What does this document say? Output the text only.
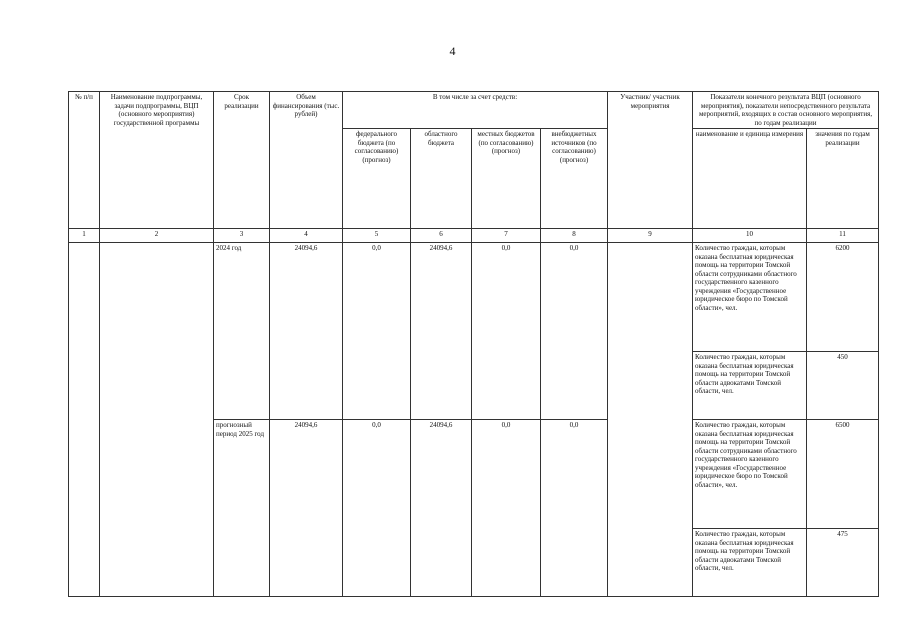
4
№ п/п	Наименование подпрограммы, задачи подпрограммы, ВЦП (основного мероприятия) государственной программы	Срок реализации	Объем финансирования (тыс. рублей)	В том числе за счет средств:				Участник/ участник мероприятия	Показатели конечного результата ВЦП (основного мероприятия), показатели непосредственного результата мероприятий, входящих в состав основного мероприятия, по годам реализации	
				федерального бюджета (по согласованию) (прогноз)	областного бюджета	местных бюджетов (по согласованию) (прогноз)	внебюджетных источников (по согласованию) (прогноз)		наименование и единица измерения	значения по годам реализации
1	2	3	4	5	6	7	8	9	10	11
		2024 год	24094,6	0,0	24094,6	0,0	0,0		Количество граждан, которым оказана бесплатная юридическая помощь на территории Томской области сотрудниками областного государственного казенного учреждения «Государственное юридическое бюро по Томской области», чел.	6200
									Количество граждан, которым оказана бесплатная юридическая помощь на территории Томской области адвокатами Томской области, чел.	450
		прогнозный период 2025 год	24094,6	0,0	24094,6	0,0	0,0		Количество граждан, которым оказана бесплатная юридическая помощь на территории Томской области сотрудниками областного государственного казенного учреждения «Государственное юридическое бюро по Томской области», чел.	6500
									Количество граждан, которым оказана бесплатная юридическая помощь на территории Томской области адвокатами Томской области, чел.	475
